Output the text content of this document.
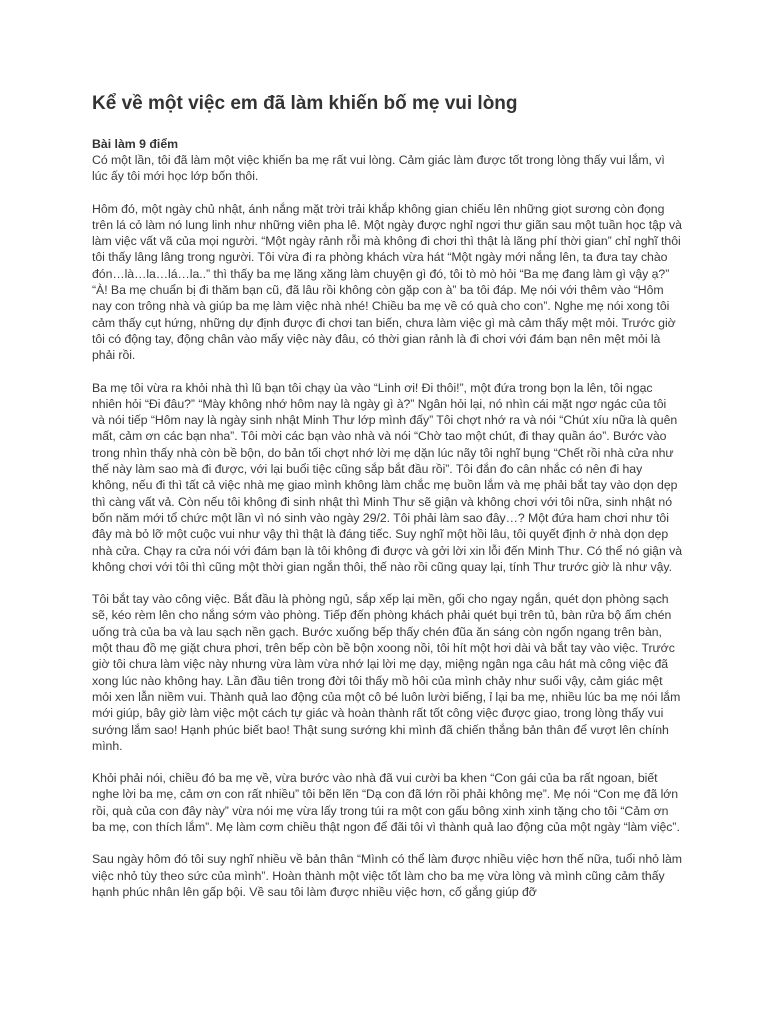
Kể về một việc em đã làm khiến bố mẹ vui lòng

Bài làm 9 điểm

Có một lần, tôi đã làm một việc khiến ba mẹ rất vui lòng. Cảm giác làm được tốt trong lòng thấy vui lắm, vì lúc ấy tôi mới học lớp bốn thôi.

Hôm đó, một ngày chủ nhật, ánh nắng mặt trời trải khắp không gian chiếu lên những giọt sương còn đọng trên lá cỏ làm nó lung linh như những viên pha lê. Một ngày được nghỉ ngơi thư giãn sau một tuần học tập và làm việc vất vã của mọi người. “Một ngày rảnh rỗi mà không đi chơi thì thật là lãng phí thời gian” chỉ nghĩ thôi tôi thấy lâng lâng trong người. Tôi vừa đi ra phòng khách vừa hát “Một ngày mới nắng lên, ta đưa tay chào đón…là…la…lá…la..” thì thấy ba mẹ lăng xăng làm chuyện gì đó, tôi tò mò hỏi “Ba mẹ đang làm gì vậy ạ?” “À! Ba mẹ chuẩn bị đi thăm bạn cũ, đã lâu rồi không còn gặp con à” ba tôi đáp. Mẹ nói với thêm vào “Hôm nay con trông nhà và giúp ba mẹ làm việc nhà nhé! Chiều ba mẹ về có quà cho con”. Nghe mẹ nói xong tôi cảm thấy cụt hứng, những dự định được đi chơi tan biến, chưa làm việc gì mà cảm thấy mệt mỏi. Trước giờ tôi có động tay, động chân vào mấy việc này đâu, có thời gian rảnh là đi chơi với đám bạn nên mệt mỏi là phải rồi.

Ba mẹ tôi vừa ra khỏi nhà thì lũ bạn tôi chạy ùa vào “Linh ơi! Đi thôi!”, một đứa trong bọn la lên, tôi ngạc nhiên hỏi “Đi đâu?” “Mày không nhớ hôm nay là ngày gì à?” Ngân hỏi lại, nó nhìn cái mặt ngơ ngác của tôi và nói tiếp “Hôm nay là ngày sinh nhật Minh Thư lớp mình đấy” Tôi chợt nhớ ra và nói “Chút xíu nữa là quên mất, cảm ơn các bạn nha”. Tôi mời các bạn vào nhà và nói “Chờ tao một chút, đi thay quần áo”. Bước vào trong nhìn thấy nhà còn bề bộn, do bản tối chợt nhớ lời mẹ dặn lúc nãy tôi nghĩ bụng “Chết rồi nhà cửa như thế này làm sao mà đi được, với lại buổi tiệc cũng sắp bắt đầu rồi”. Tôi đắn đo cân nhắc có nên đi hay không, nếu đi thì tất cả việc nhà mẹ giao mình không làm chắc mẹ buồn lắm và mẹ phải bắt tay vào dọn dẹp thì càng vất vả. Còn nếu tôi không đi sinh nhật thì Minh Thư sẽ giận và không chơi với tôi nữa, sinh nhật nó bốn năm mới tổ chức một lần vì nó sinh vào ngày 29/2. Tôi phải làm sao đây…? Một đứa ham chơi như tôi đây mà bỏ lỡ một cuộc vui như vậy thì thật là đáng tiếc. Suy nghĩ một hồi lâu, tôi quyết định ở nhà dọn dẹp nhà cửa. Chạy ra cửa nói với đám bạn là tôi không đi được và gởi lời xin lỗi đến Minh Thư. Có thể nó giận và không chơi với tôi thì cũng một thời gian ngắn thôi, thế nào rồi cũng quay lại, tính Thư trước giờ là như vậy.

Tôi bắt tay vào công việc. Bắt đầu là phòng ngủ, sắp xếp lại mền, gối cho ngay ngắn, quét dọn phòng sạch sẽ, kéo rèm lên cho nắng sớm vào phòng. Tiếp đến phòng khách phải quét bụi trên tủ, bàn rửa bộ ấm chén uống trà của ba và lau sạch nền gạch. Bước xuống bếp thấy chén đũa ăn sáng còn ngổn ngang trên bàn, một thau đồ mẹ giặt chưa phơi, trên bếp còn bề bộn xoong nồi, tôi hít một hơi dài và bắt tay vào việc. Trước giờ tôi chưa làm việc này nhưng vừa làm vừa nhớ lại lời mẹ dạy, miệng ngân nga câu hát mà công việc đã xong lúc nào không hay. Lần đầu tiên trong đời tôi thấy mồ hôi của mình chảy như suối vậy, cảm giác mệt mỏi xen lẫn niềm vui. Thành quả lao động của một cô bé luôn lười biếng, ỉ lại ba mẹ, nhiều lúc ba mẹ nói lắm mới giúp, bây giờ làm việc một cách tự giác và hoàn thành rất tốt công việc được giao, trong lòng thấy vui sướng lắm sao! Hạnh phúc biết bao! Thật sung sướng khi mình đã chiến thắng bản thân để vượt lên chính mình.

Khỏi phải nói, chiều đó ba mẹ về, vừa bước vào nhà đã vui cười ba khen “Con gái của ba rất ngoan, biết nghe lời ba mẹ, cảm ơn con rất nhiều” tôi bẽn lẽn “Dạ con đã lớn rồi phải không mẹ”. Mẹ nói “Con mẹ đã lớn rồi, quà của con đây này” vừa nói mẹ vừa lấy trong túi ra một con gấu bông xinh xinh tặng cho tôi “Cảm ơn ba mẹ, con thích lắm”. Mẹ làm cơm chiều thật ngon để đãi tôi vì thành quả lao động của một ngày “làm việc”.

Sau ngày hôm đó tôi suy nghĩ nhiều về bản thân “Mình có thể làm được nhiều việc hơn thế nữa, tuổi nhỏ làm việc nhỏ tùy theo sức của mình”. Hoàn thành một việc tốt làm cho ba mẹ vừa lòng và mình cũng cảm thấy hạnh phúc nhân lên gấp bội. Về sau tôi làm được nhiều việc hơn, cố gắng giúp đỡ
